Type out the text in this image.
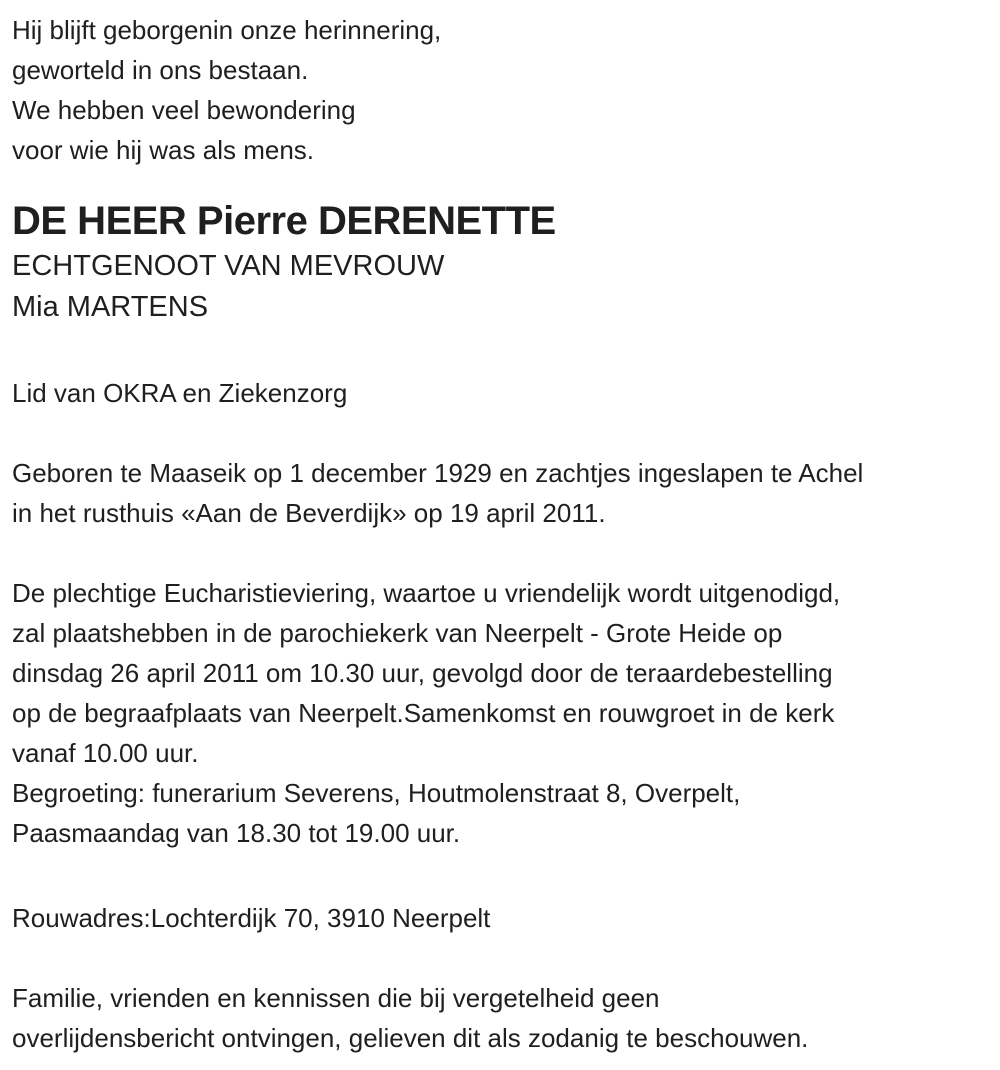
Hij blijft geborgenin onze herinnering,
geworteld in ons bestaan.
We hebben veel bewondering
voor wie hij was als mens.
DE HEER Pierre DERENETTE
ECHTGENOOT VAN MEVROUW
Mia MARTENS
Lid van OKRA en Ziekenzorg
Geboren te Maaseik op 1 december 1929 en zachtjes ingeslapen te Achel
in het rusthuis «Aan de Beverdijk» op 19 april 2011.
De plechtige Eucharistieviering, waartoe u vriendelijk wordt uitgenodigd,
zal plaatshebben in de parochiekerk van Neerpelt - Grote Heide op
dinsdag 26 april 2011 om 10.30 uur, gevolgd door de teraardebestelling
op de begraafplaats van Neerpelt.Samenkomst en rouwgroet in de kerk
vanaf 10.00 uur.
Begroeting: funerarium Severens, Houtmolenstraat 8, Overpelt,
Paasmaandag van 18.30 tot 19.00 uur.
Rouwadres:Lochterdijk 70, 3910 Neerpelt
Familie, vrienden en kennissen die bij vergetelheid geen
overlijdensbericht ontvingen, gelieven dit als zodanig te beschouwen.
